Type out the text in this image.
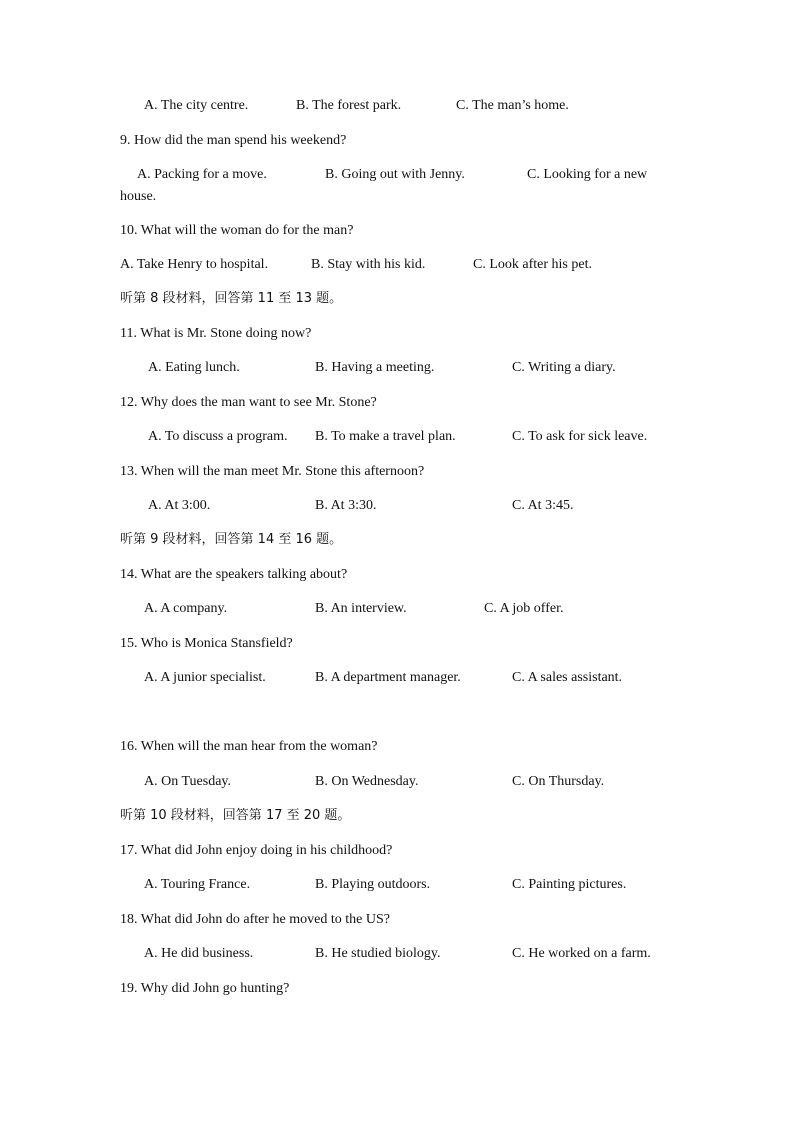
A. The city centre.	B. The forest park.	C. The man’s home.
9. How did the man spend his weekend?
A. Packing for a move.	B. Going out with Jenny.	C. Looking for a new
house.
10. What will the woman do for the man?
A. Take Henry to hospital.	B. Stay with his kid.	C. Look after his pet.
听第 8 段材料，回答第 11 至 13 题。
11. What is Mr. Stone doing now?
A. Eating lunch.	B. Having a meeting.	C. Writing a diary.
12. Why does the man want to see Mr. Stone?
A. To discuss a program. B. To make a travel plan.	C. To ask for sick leave.
13. When will the man meet Mr. Stone this afternoon?
A. At 3:00.	B. At 3:30.	C. At 3:45.
听第 9 段材料，回答第 14 至 16 题。
14. What are the speakers talking about?
A. A company.	B. An interview.	C. A job offer.
15. Who is Monica Stansfield?
A. A junior specialist.	B. A department manager.	C. A sales assistant.
16. When will the man hear from the woman?
A. On Tuesday.	B. On Wednesday.	C. On Thursday.
听第 10 段材料，回答第 17 至 20 题。
17. What did John enjoy doing in his childhood?
A. Touring France.	B. Playing outdoors.	C. Painting pictures.
18. What did John do after he moved to the US?
A. He did business.	B. He studied biology.	C. He worked on a farm.
19. Why did John go hunting?
